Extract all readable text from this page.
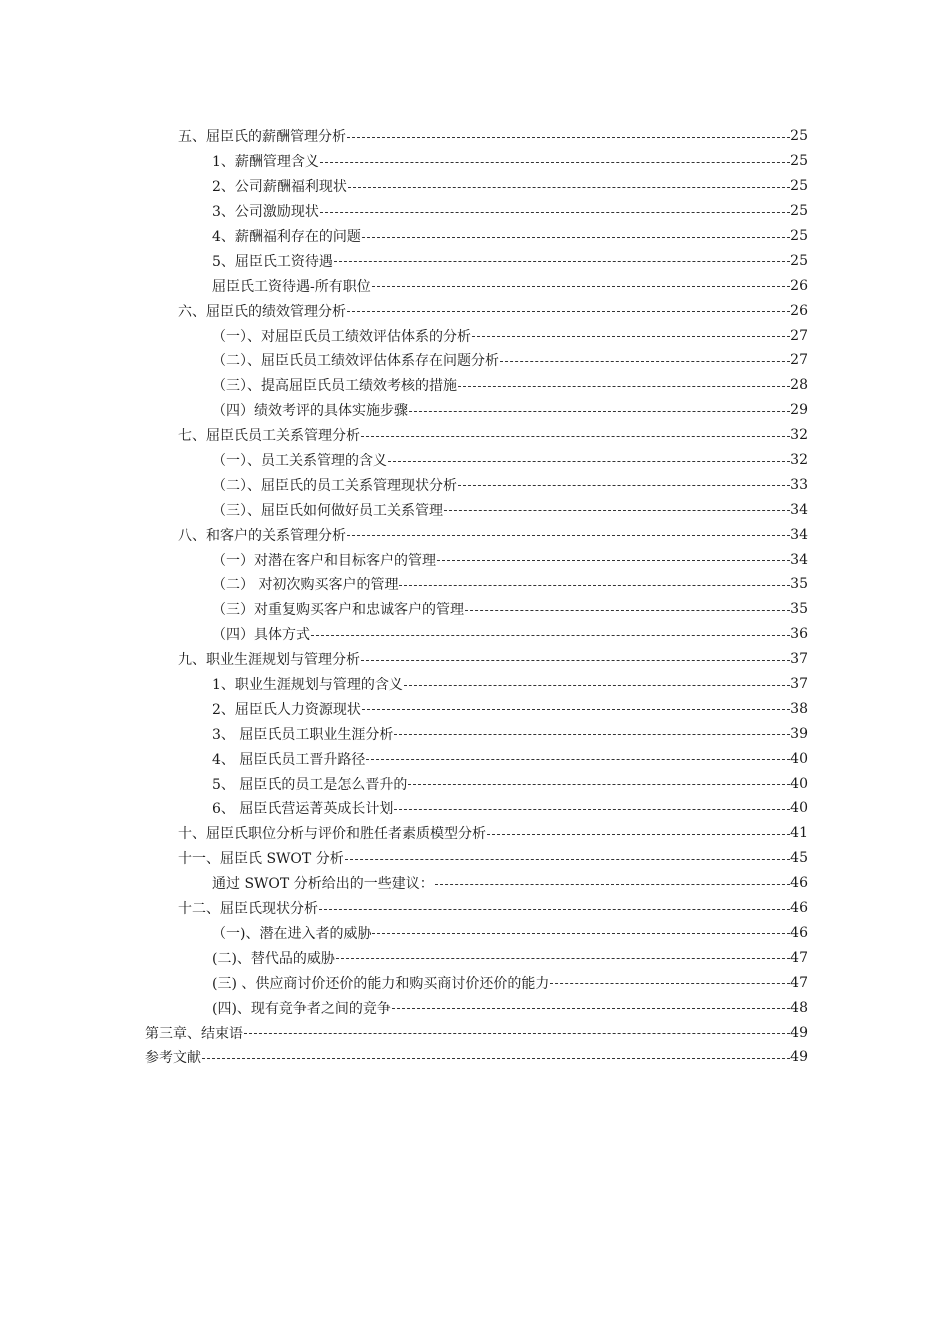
五、屈臣氏的薪酬管理分析	25
1、薪酬管理含义	25
2、公司薪酬福利现状	25
3、公司激励现状	25
4、薪酬福利存在的问题	25
5、屈臣氏工资待遇	25
屈臣氏工资待遇-所有职位	26
六、屈臣氏的绩效管理分析	26
（一）、对屈臣氏员工绩效评估体系的分析	27
（二）、屈臣氏员工绩效评估体系存在问题分析	27
（三）、提高屈臣氏员工绩效考核的措施	28
（四）绩效考评的具体实施步骤	29
七、屈臣氏员工关系管理分析	32
（一）、员工关系管理的含义	32
（二）、屈臣氏的员工关系管理现状分析	33
（三）、屈臣氏如何做好员工关系管理	34
八、和客户的关系管理分析	34
（一）对潜在客户和目标客户的管理	34
（二） 对初次购买客户的管理	35
（三）对重复购买客户和忠诚客户的管理	35
（四）具体方式	36
九、职业生涯规划与管理分析	37
1、职业生涯规划与管理的含义	37
2、屈臣氏人力资源现状	38
3、 屈臣氏员工职业生涯分析	39
4、 屈臣氏员工晋升路径	40
5、 屈臣氏的员工是怎么晋升的	40
6、 屈臣氏营运菁英成长计划	40
十、屈臣氏职位分析与评价和胜任者素质模型分析	41
十一、屈臣氏 SWOT 分析	45
通过 SWOT 分析给出的一些建议：	46
十二、屈臣氏现状分析	46
（一)、潜在进入者的威胁	46
(二)、替代品的威胁	47
(三) 、供应商讨价还价的能力和购买商讨价还价的能力	47
(四)、现有竞争者之间的竞争	48
第三章、结束语	49
参考文献	49
